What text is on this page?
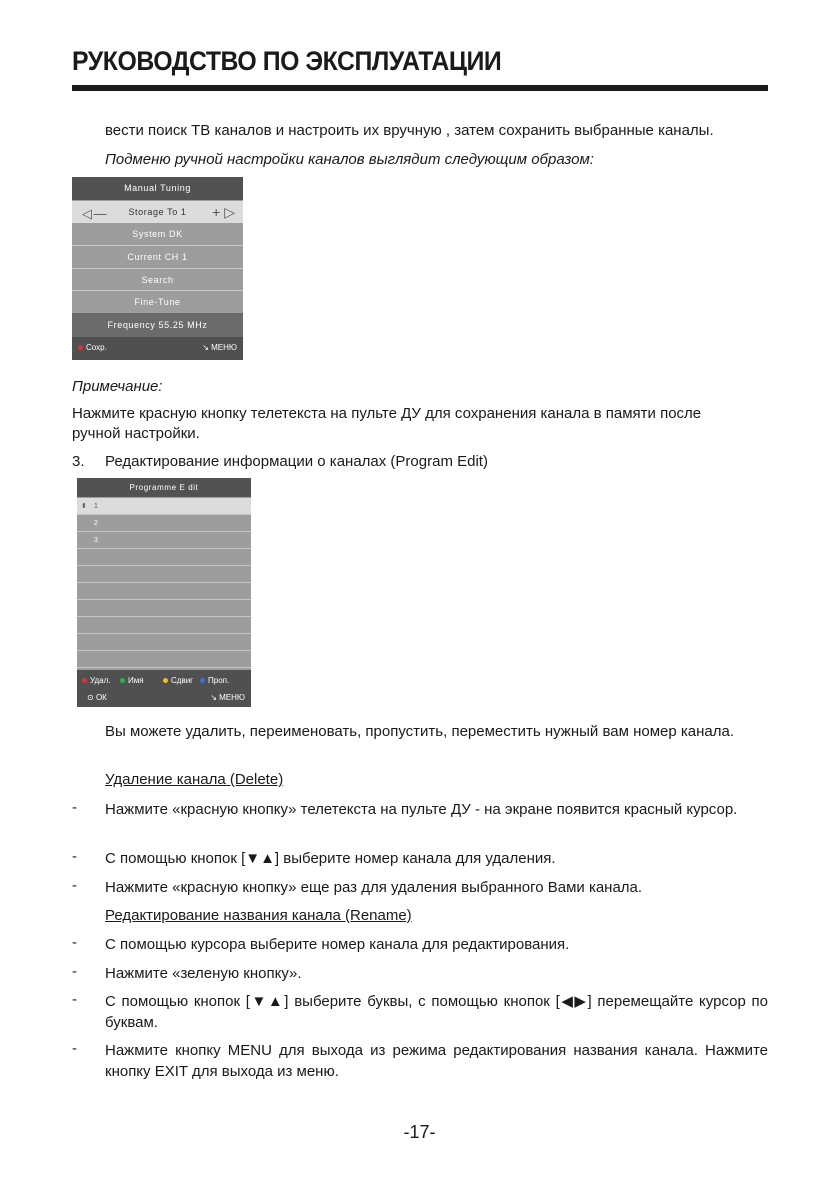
РУКОВОДСТВО ПО ЭКСПЛУАТАЦИИ
вести поиск ТВ каналов и настроить их вручную , затем сохранить выбранные каналы.
Подменю ручной настройки каналов выглядит следующим образом:
Manual Tuning
Storage To 1
◁ —	+ ▷
System DK
Current CH 1
Search
Fine-Tune
Frequency 55.25 MHz
Сохр.	↘ МЕНЮ
Примечание:
Нажмите красную кнопку телетекста на пульте ДУ для сохранения канала в памяти после
ручной настройки.
3. Редактирование информации о каналах (Program Edit)
Programme E dit
⬍ 1
2
3
Удал.	Имя	Сдвиг	Проп.
⊙ ОК	↘ МЕНЮ
Вы можете удалить, переименовать, пропустить, переместить нужный вам номер канала.
Удаление канала (Delete)
- Нажмите «красную кнопку» телетекста на пульте ДУ - на экране появится красный курсор.
- С помощью кнопок [▼▲] выберите номер канала для удаления.
- Нажмите «красную кнопку» еще раз для удаления выбранного Вами канала.
Редактирование названия канала (Rename)
- С помощью курсора выберите номер канала для редактирования.
- Нажмите «зеленую кнопку».
- С помощью кнопок [▼▲] выберите буквы, с помощью кнопок [◀▶] перемещайте курсор по буквам.
- Нажмите кнопку MENU для выхода из режима редактирования названия канала. Нажмите кнопку EXIT для выхода из меню.
-17-
